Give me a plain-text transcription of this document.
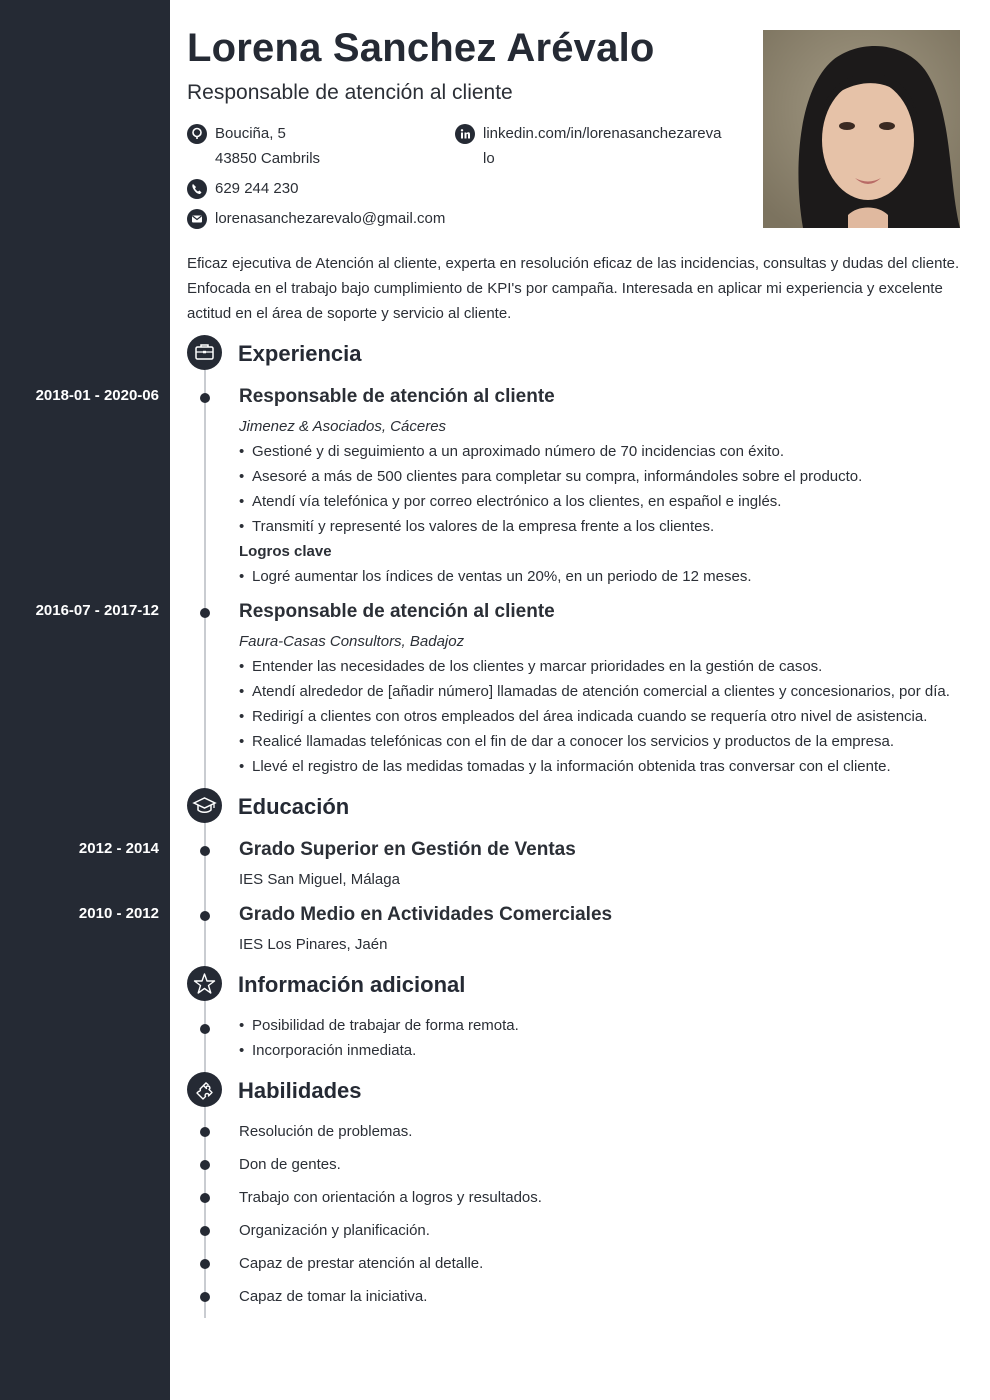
Lorena Sanchez Arévalo
Responsable de atención al cliente
Bouciña, 5
43850 Cambrils
629 244 230
lorenasanchezarevalo@gmail.com
linkedin.com/in/lorenasanchezareva
lo
Eficaz ejecutiva de Atención al cliente, experta en resolución eficaz de las incidencias, consultas y dudas del cliente.
Enfocada en el trabajo bajo cumplimiento de KPI's por campaña. Interesada en aplicar mi experiencia y excelente
actitud en el área de soporte y servicio al cliente.
Experiencia
2018-01 - 2020-06	Responsable de atención al cliente
Jimenez & Asociados, Cáceres
• Gestioné y di seguimiento a un aproximado número de 70 incidencias con éxito.
• Asesoré a más de 500 clientes para completar su compra, informándoles sobre el producto.
• Atendí vía telefónica y por correo electrónico a los clientes, en español e inglés.
• Transmití y representé los valores de la empresa frente a los clientes.
Logros clave
• Logré aumentar los índices de ventas un 20%, en un periodo de 12 meses.
2016-07 - 2017-12	Responsable de atención al cliente
Faura-Casas Consultors, Badajoz
• Entender las necesidades de los clientes y marcar prioridades en la gestión de casos.
• Atendí alrededor de [añadir número] llamadas de atención comercial a clientes y concesionarios, por día.
• Redirigí a clientes con otros empleados del área indicada cuando se requería otro nivel de asistencia.
• Realicé llamadas telefónicas con el fin de dar a conocer los servicios y productos de la empresa.
• Llevé el registro de las medidas tomadas y la información obtenida tras conversar con el cliente.
Educación
2012 - 2014	Grado Superior en Gestión de Ventas
IES San Miguel, Málaga
2010 - 2012	Grado Medio en Actividades Comerciales
IES Los Pinares, Jaén
Información adicional
• Posibilidad de trabajar de forma remota.
• Incorporación inmediata.
Habilidades
Resolución de problemas.
Don de gentes.
Trabajo con orientación a logros y resultados.
Organización y planificación.
Capaz de prestar atención al detalle.
Capaz de tomar la iniciativa.
